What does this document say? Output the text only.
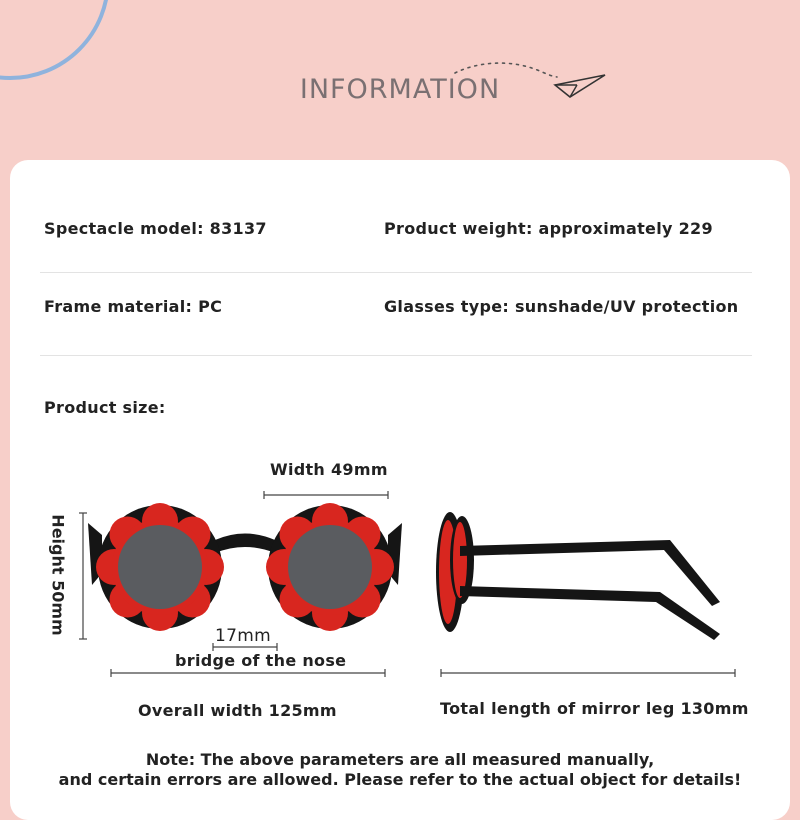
INFORMATION
Spectacle model: 83137	Product weight: approximately 229
Frame material: PC	Glasses type: sunshade/UV protection
Product size:
Width 49mm
Height 50mm
17mm
bridge of the nose
Overall width 125mm	Total length of mirror leg 130mm
Note: The above parameters are all measured manually,
and certain errors are allowed. Please refer to the actual object for details!
